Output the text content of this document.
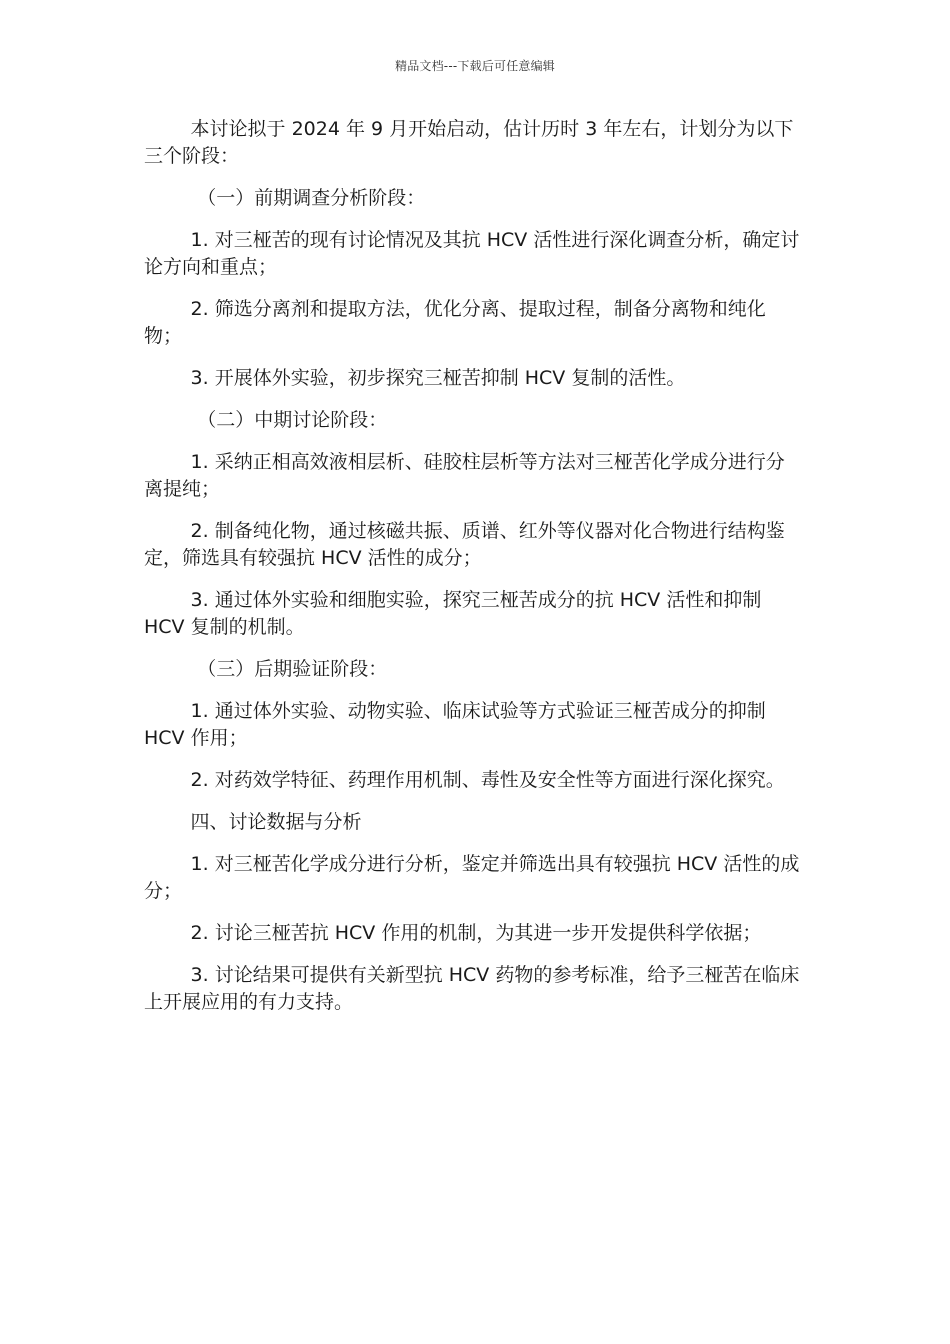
精品文档---下载后可任意编辑

本讨论拟于 2024 年 9 月开始启动，估计历时 3 年左右，计划分为以下三个阶段：

（一）前期调查分析阶段：

1. 对三桠苦的现有讨论情况及其抗 HCV 活性进行深化调查分析，确定讨论方向和重点；

2. 筛选分离剂和提取方法，优化分离、提取过程，制备分离物和纯化物；

3. 开展体外实验，初步探究三桠苦抑制 HCV 复制的活性。

（二）中期讨论阶段：

1. 采纳正相高效液相层析、硅胶柱层析等方法对三桠苦化学成分进行分离提纯；

2. 制备纯化物，通过核磁共振、质谱、红外等仪器对化合物进行结构鉴定，筛选具有较强抗 HCV 活性的成分；

3. 通过体外实验和细胞实验，探究三桠苦成分的抗 HCV 活性和抑制 HCV 复制的机制。

（三）后期验证阶段：

1. 通过体外实验、动物实验、临床试验等方式验证三桠苦成分的抑制 HCV 作用；

2. 对药效学特征、药理作用机制、毒性及安全性等方面进行深化探究。

四、讨论数据与分析

1. 对三桠苦化学成分进行分析，鉴定并筛选出具有较强抗 HCV 活性的成分；

2. 讨论三桠苦抗 HCV 作用的机制，为其进一步开发提供科学依据；

3. 讨论结果可提供有关新型抗 HCV 药物的参考标准，给予三桠苦在临床上开展应用的有力支持。
